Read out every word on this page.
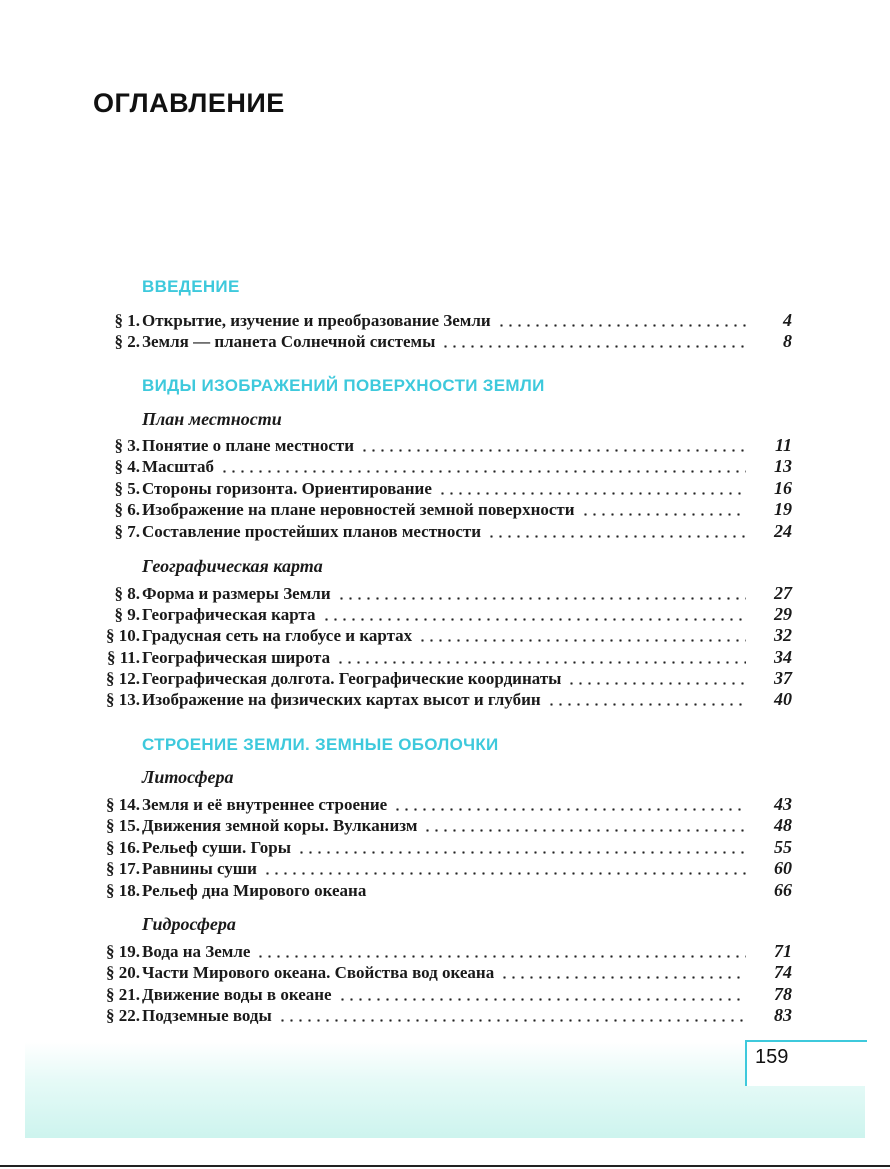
ОГЛАВЛЕНИЕ
ВВЕДЕНИЕ
§ 1. Открытие, изучение и преобразование Земли	4
§ 2. Земля — планета Солнечной системы	8
ВИДЫ ИЗОБРАЖЕНИЙ ПОВЕРХНОСТИ ЗЕМЛИ
План местности
§ 3. Понятие о плане местности	11
§ 4. Масштаб	13
§ 5. Стороны горизонта. Ориентирование	16
§ 6. Изображение на плане неровностей земной поверхности	19
§ 7. Составление простейших планов местности	24
Географическая карта
§ 8. Форма и размеры Земли	27
§ 9. Географическая карта	29
§ 10. Градусная сеть на глобусе и картах	32
§ 11. Географическая широта	34
§ 12. Географическая долгота. Географические координаты	37
§ 13. Изображение на физических картах высот и глубин	40
СТРОЕНИЕ ЗЕМЛИ. ЗЕМНЫЕ ОБОЛОЧКИ
Литосфера
§ 14. Земля и её внутреннее строение	43
§ 15. Движения земной коры. Вулканизм	48
§ 16. Рельеф суши. Горы	55
§ 17. Равнины суши	60
§ 18. Рельеф дна Мирового океана	66
Гидросфера
§ 19. Вода на Земле	71
§ 20. Части Мирового океана. Свойства вод океана	74
§ 21. Движение воды в океане	78
§ 22. Подземные воды	83
159
